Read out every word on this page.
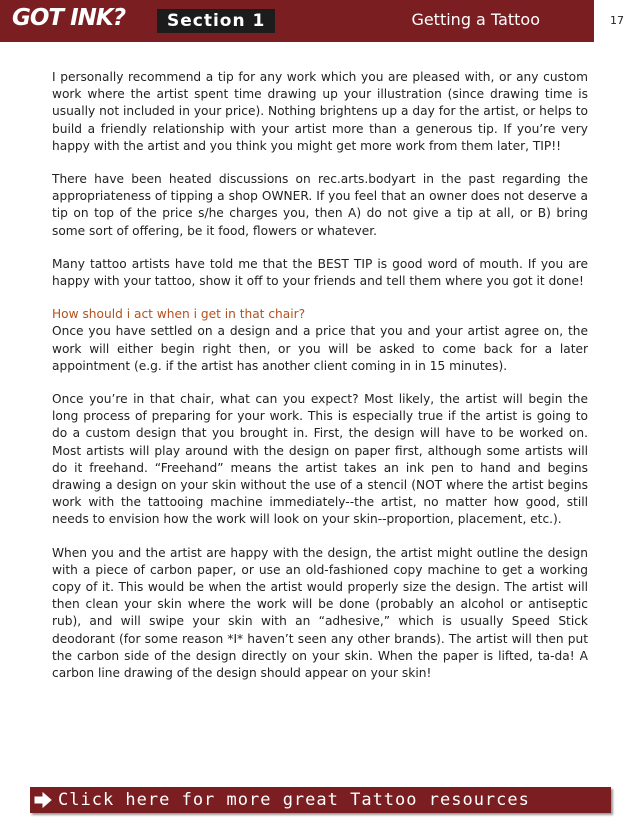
GOT INK?	Section 1	Getting a Tattoo	17

I personally recommend a tip for any work which you are pleased with, or any custom work where the artist spent time drawing up your illustration (since drawing time is usually not included in your price). Nothing brightens up a day for the artist, or helps to build a friendly relationship with your artist more than a generous tip. If you’re very happy with the artist and you think you might get more work from them later, TIP!!

There have been heated discussions on rec.arts.bodyart in the past regarding the appropriateness of tipping a shop OWNER. If you feel that an owner does not deserve a tip on top of the price s/he charges you, then A) do not give a tip at all, or B) bring some sort of offering, be it food, flowers or whatever.

Many tattoo artists have told me that the BEST TIP is good word of mouth. If you are happy with your tattoo, show it off to your friends and tell them where you got it done!

How should i act when i get in that chair?

Once you have settled on a design and a price that you and your artist agree on, the work will either begin right then, or you will be asked to come back for a later appointment (e.g. if the artist has another client coming in in 15 minutes).

Once you’re in that chair, what can you expect? Most likely, the artist will begin the long process of preparing for your work. This is especially true if the artist is going to do a custom design that you brought in. First, the design will have to be worked on. Most artists will play around with the design on paper first, although some artists will do it freehand. “Freehand” means the artist takes an ink pen to hand and begins drawing a design on your skin without the use of a stencil (NOT where the artist begins work with the tattooing machine immediately--the artist, no matter how good, still needs to envision how the work will look on your skin--proportion, placement, etc.).

When you and the artist are happy with the design, the artist might outline the design with a piece of carbon paper, or use an old-fashioned copy machine to get a working copy of it. This would be when the artist would properly size the design. The artist will then clean your skin where the work will be done (probably an alcohol or antiseptic rub), and will swipe your skin with an “adhesive,” which is usually Speed Stick deodorant (for some reason *I* haven’t seen any other brands). The artist will then put the carbon side of the design directly on your skin. When the paper is lifted, ta-da! A carbon line drawing of the design should appear on your skin!

Click here for more great Tattoo resources
